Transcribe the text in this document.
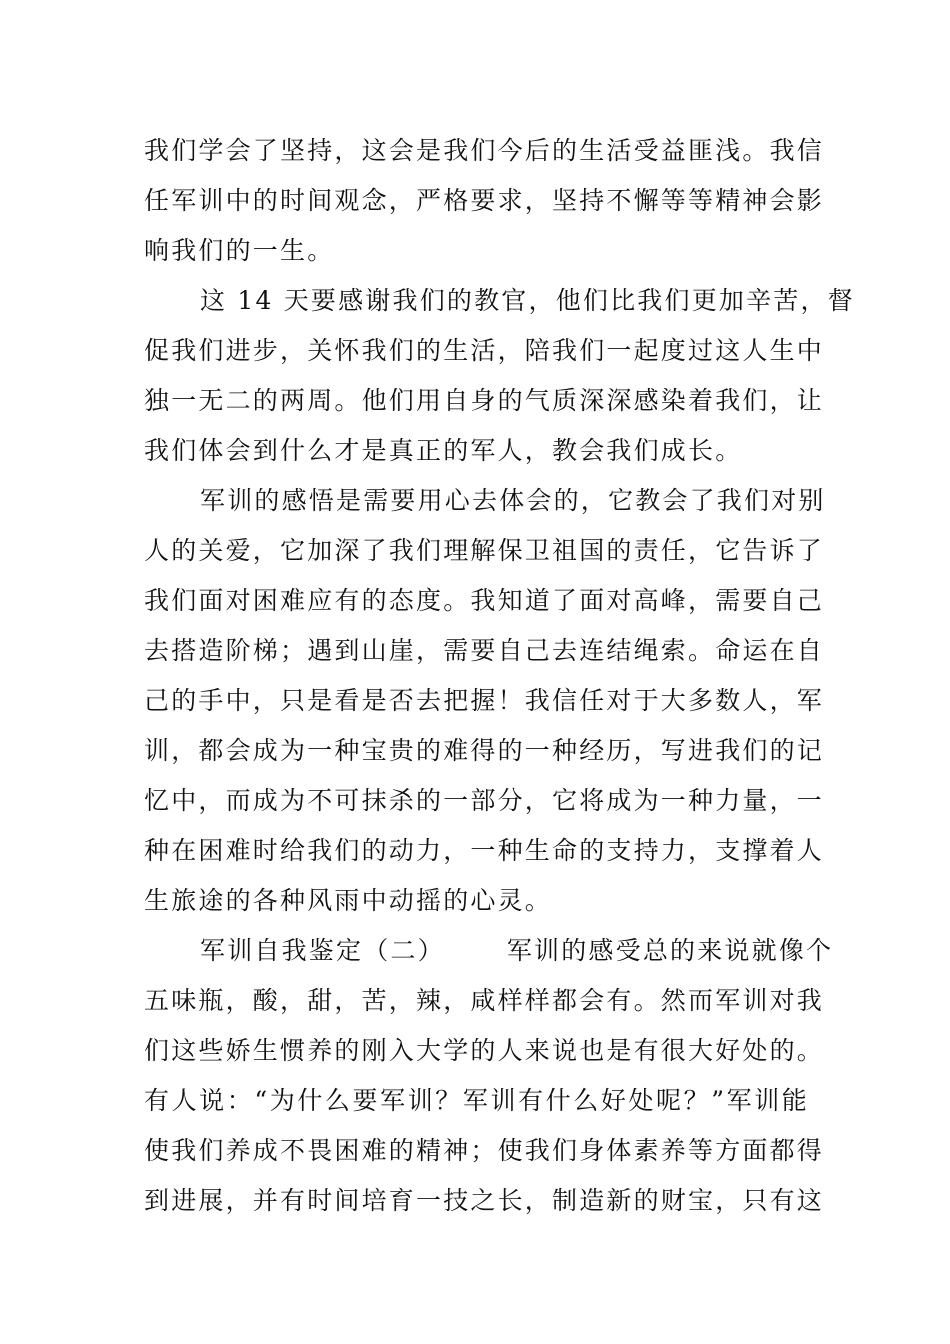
我们学会了坚持，这会是我们今后的生活受益匪浅。我信
任军训中的时间观念，严格要求，坚持不懈等等精神会影
响我们的一生。
这 14 天要感谢我们的教官，他们比我们更加辛苦，督
促我们进步，关怀我们的生活，陪我们一起度过这人生中
独一无二的两周。他们用自身的气质深深感染着我们，让
我们体会到什么才是真正的军人，教会我们成长。
军训的感悟是需要用心去体会的，它教会了我们对别
人的关爱，它加深了我们理解保卫祖国的责任，它告诉了
我们面对困难应有的态度。我知道了面对高峰，需要自己
去搭造阶梯；遇到山崖，需要自己去连结绳索。命运在自
己的手中，只是看是否去把握！我信任对于大多数人，军
训，都会成为一种宝贵的难得的一种经历，写进我们的记
忆中，而成为不可抹杀的一部分，它将成为一种力量，一
种在困难时给我们的动力，一种生命的支持力，支撑着人
生旅途的各种风雨中动摇的心灵。
军训自我鉴定（二） 军训的感受总的来说就像个
五味瓶，酸，甜，苦，辣，咸样样都会有。然而军训对我
们这些娇生惯养的刚入大学的人来说也是有很大好处的。
有人说：“为什么要军训？军训有什么好处呢？”军训能
使我们养成不畏困难的精神；使我们身体素养等方面都得
到进展，并有时间培育一技之长，制造新的财宝，只有这
